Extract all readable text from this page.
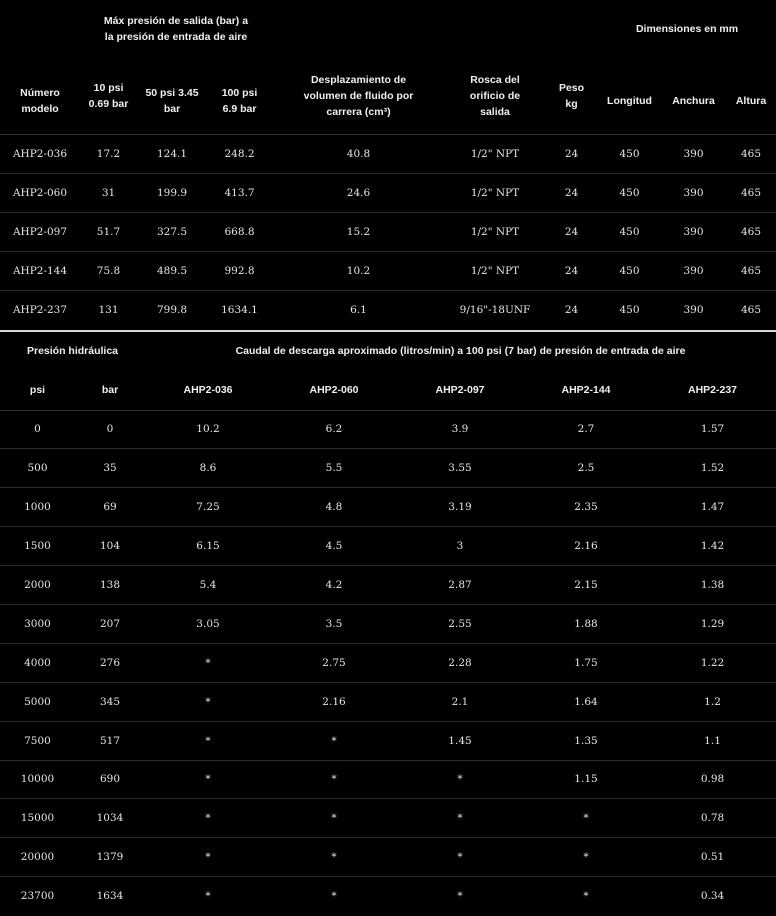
	Máx presión de salida (bar) a la presión de entrada de aire						Dimensiones en mm		
Número modelo	10 psi 0.69 bar	50 psi 3.45 bar	100 psi 6.9 bar	Desplazamiento de volumen de fluido por carrera (cm³)	Rosca del orificio de salida	Peso kg	Longitud	Anchura	Altura
AHP2-036	17.2	124.1	248.2	40.8	1/2" NPT	24	450	390	465
AHP2-060	31	199.9	413.7	24.6	1/2" NPT	24	450	390	465
AHP2-097	51.7	327.5	668.8	15.2	1/2" NPT	24	450	390	465
AHP2-144	75.8	489.5	992.8	10.2	1/2" NPT	24	450	390	465
AHP2-237	131	799.8	1634.1	6.1	9/16"-18UNF	24	450	390	465
Presión hidráulica		Caudal de descarga aproximado (litros/min) a 100 psi (7 bar) de presión de entrada de aire				
psi	bar	AHP2-036	AHP2-060	AHP2-097	AHP2-144	AHP2-237
0	0	10.2	6.2	3.9	2.7	1.57
500	35	8.6	5.5	3.55	2.5	1.52
1000	69	7.25	4.8	3.19	2.35	1.47
1500	104	6.15	4.5	3	2.16	1.42
2000	138	5.4	4.2	2.87	2.15	1.38
3000	207	3.05	3.5	2.55	1.88	1.29
4000	276	*	2.75	2.28	1.75	1.22
5000	345	*	2.16	2.1	1.64	1.2
7500	517	*	*	1.45	1.35	1.1
10000	690	*	*	*	1.15	0.98
15000	1034	*	*	*	*	0.78
20000	1379	*	*	*	*	0.51
23700	1634	*	*	*	*	0.34
